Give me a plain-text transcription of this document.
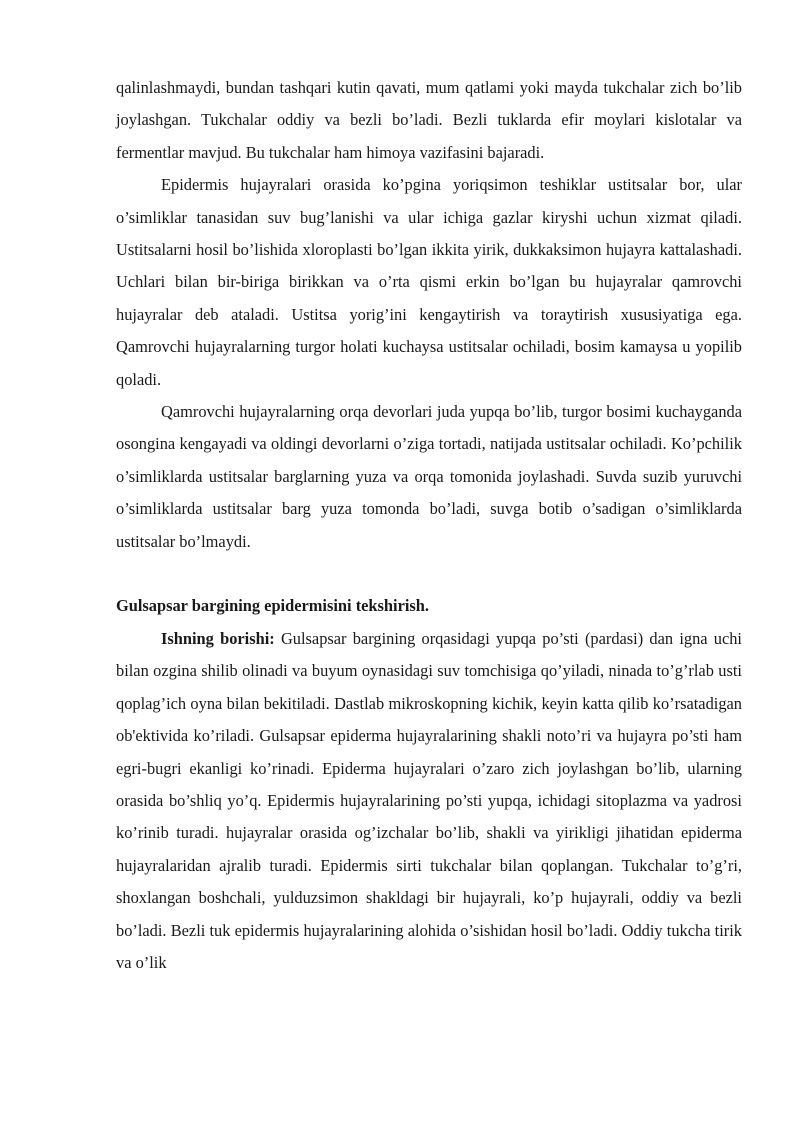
qalinlashmaydi, bundan tashqari kutin qavati, mum qatlami yoki mayda tukchalar zich bo’lib joylashgan. Tukchalar oddiy va bezli bo’ladi. Bezli tuklarda efir moylari kislotalar va fermentlar mavjud. Bu tukchalar ham himoya vazifasini bajaradi.

Epidermis hujayralari orasida ko’pgina yoriqsimon teshiklar ustitsalar bor, ular o’simliklar tanasidan suv bug’lanishi va ular ichiga gazlar kiryshi uchun xizmat qiladi. Ustitsalarni hosil bo’lishida xloroplasti bo’lgan ikkita yirik, dukkaksimon hujayra kattalashadi. Uchlari bilan bir-biriga birikkan va o’rta qismi erkin bo’lgan bu hujayralar qamrovchi hujayralar deb ataladi. Ustitsa yorig’ini kengaytirish va toraytirish xususiyatiga ega. Qamrovchi hujayralarning turgor holati kuchaysa ustitsalar ochiladi, bosim kamaysa u yopilib qoladi.

Qamrovchi hujayralarning orqa devorlari juda yupqa bo’lib, turgor bosimi kuchayganda osongina kengayadi va oldingi devorlarni o’ziga tortadi, natijada ustitsalar ochiladi. Ko’pchilik o’simliklarda ustitsalar barglarning yuza va orqa tomonida joylashadi. Suvda suzib yuruvchi o’simliklarda ustitsalar barg yuza tomonda bo’ladi, suvga botib o’sadigan o’simliklarda ustitsalar bo’lmaydi.

Gulsapsar bargining epidermisini tekshirish.

Ishning borishi: Gulsapsar bargining orqasidagi yupqa po’sti (pardasi) dan igna uchi bilan ozgina shilib olinadi va buyum oynasidagi suv tomchisiga qo’yiladi, ninada to’g’rlab usti qoplag’ich oyna bilan bekitiladi. Dastlab mikroskopning kichik, keyin katta qilib ko’rsatadigan ob'ektivida ko’riladi. Gulsapsar epiderma hujayralarining shakli noto’ri va hujayra po’sti ham egri-bugri ekanligi ko’rinadi. Epiderma hujayralari o’zaro zich joylashgan bo’lib, ularning orasida bo’shliq yo’q. Epidermis hujayralarining po’sti yupqa, ichidagi sitoplazma va yadrosi ko’rinib turadi. hujayralar orasida og’izchalar bo’lib, shakli va yirikligi jihatidan epiderma hujayralaridan ajralib turadi. Epidermis sirti tukchalar bilan qoplangan. Tukchalar to’g’ri, shoxlangan boshchali, yulduzsimon shakldagi bir hujayrali, ko’p hujayrali, oddiy va bezli bo’ladi. Bezli tuk epidermis hujayralarining alohida o’sishidan hosil bo’ladi. Oddiy tukcha tirik va o’lik
